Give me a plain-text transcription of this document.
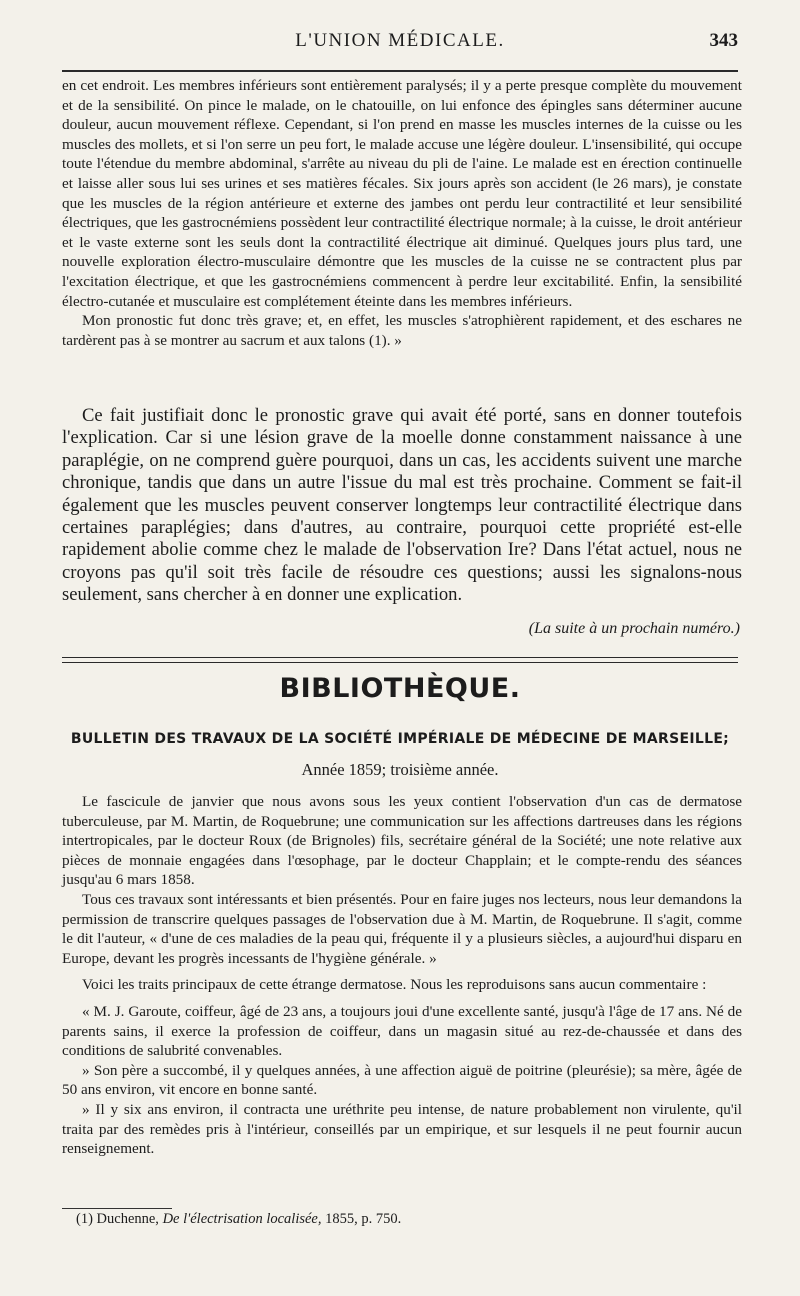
L'UNION MÉDICALE.	343

en cet endroit. Les membres inférieurs sont entièrement paralysés; il y a perte presque complète du mouvement et de la sensibilité. On pince le malade, on le chatouille, on lui enfonce des épingles sans déterminer aucune douleur, aucun mouvement réflexe. Cependant, si l'on prend en masse les muscles internes de la cuisse ou les muscles des mollets, et si l'on serre un peu fort, le malade accuse une légère douleur. L'insensibilité, qui occupe toute l'étendue du membre abdominal, s'arrête au niveau du pli de l'aine. Le malade est en érection continuelle et laisse aller sous lui ses urines et ses matières fécales. Six jours après son accident (le 26 mars), je constate que les muscles de la région antérieure et externe des jambes ont perdu leur contractilité et leur sensibilité électriques, que les gastrocnémiens possèdent leur contractilité électrique normale; à la cuisse, le droit antérieur et le vaste externe sont les seuls dont la contractilité électrique ait diminué. Quelques jours plus tard, une nouvelle exploration électro-musculaire démontre que les muscles de la cuisse ne se contractent plus par l'excitation électrique, et que les gastrocnémiens commencent à perdre leur excitabilité. Enfin, la sensibilité électro-cutanée et musculaire est complétement éteinte dans les membres inférieurs.

Mon pronostic fut donc très grave; et, en effet, les muscles s'atrophièrent rapidement, et des eschares ne tardèrent pas à se montrer au sacrum et aux talons (1). »

Ce fait justifiait donc le pronostic grave qui avait été porté, sans en donner toutefois l'explication. Car si une lésion grave de la moelle donne constamment naissance à une paraplégie, on ne comprend guère pourquoi, dans un cas, les accidents suivent une marche chronique, tandis que dans un autre l'issue du mal est très prochaine. Comment se fait-il également que les muscles peuvent conserver longtemps leur contractilité électrique dans certaines paraplégies; dans d'autres, au contraire, pourquoi cette propriété est-elle rapidement abolie comme chez le malade de l'observation Ire? Dans l'état actuel, nous ne croyons pas qu'il soit très facile de résoudre ces questions; aussi les signalons-nous seulement, sans chercher à en donner une explication.

(La suite à un prochain numéro.)
BIBLIOTHÈQUE.
BULLETIN DES TRAVAUX DE LA SOCIÉTÉ IMPÉRIALE DE MÉDECINE DE MARSEILLE;
Année 1859; troisième année.

Le fascicule de janvier que nous avons sous les yeux contient l'observation d'un cas de dermatose tuberculeuse, par M. Martin, de Roquebrune; une communication sur les affections dartreuses dans les régions intertropicales, par le docteur Roux (de Brignoles) fils, secrétaire général de la Société; une note relative aux pièces de monnaie engagées dans l'œsophage, par le docteur Chapplain; et le compte-rendu des séances jusqu'au 6 mars 1858.

Tous ces travaux sont intéressants et bien présentés. Pour en faire juges nos lecteurs, nous leur demandons la permission de transcrire quelques passages de l'observation due à M. Martin, de Roquebrune. Il s'agit, comme le dit l'auteur, « d'une de ces maladies de la peau qui, fréquente il y a plusieurs siècles, a aujourd'hui disparu en Europe, devant les progrès incessants de l'hygiène générale. »

Voici les traits principaux de cette étrange dermatose. Nous les reproduisons sans aucun commentaire :

« M. J. Garoute, coiffeur, âgé de 23 ans, a toujours joui d'une excellente santé, jusqu'à l'âge de 17 ans. Né de parents sains, il exerce la profession de coiffeur, dans un magasin situé au rez-de-chaussée et dans des conditions de salubrité convenables.

» Son père a succombé, il y quelques années, à une affection aiguë de poitrine (pleurésie); sa mère, âgée de 50 ans environ, vit encore en bonne santé.

» Il y six ans environ, il contracta une uréthrite peu intense, de nature probablement non virulente, qu'il traita par des remèdes pris à l'intérieur, conseillés par un empirique, et sur lesquels il ne peut fournir aucun renseignement.

(1) Duchenne, De l'électrisation localisée, 1855, p. 750.
